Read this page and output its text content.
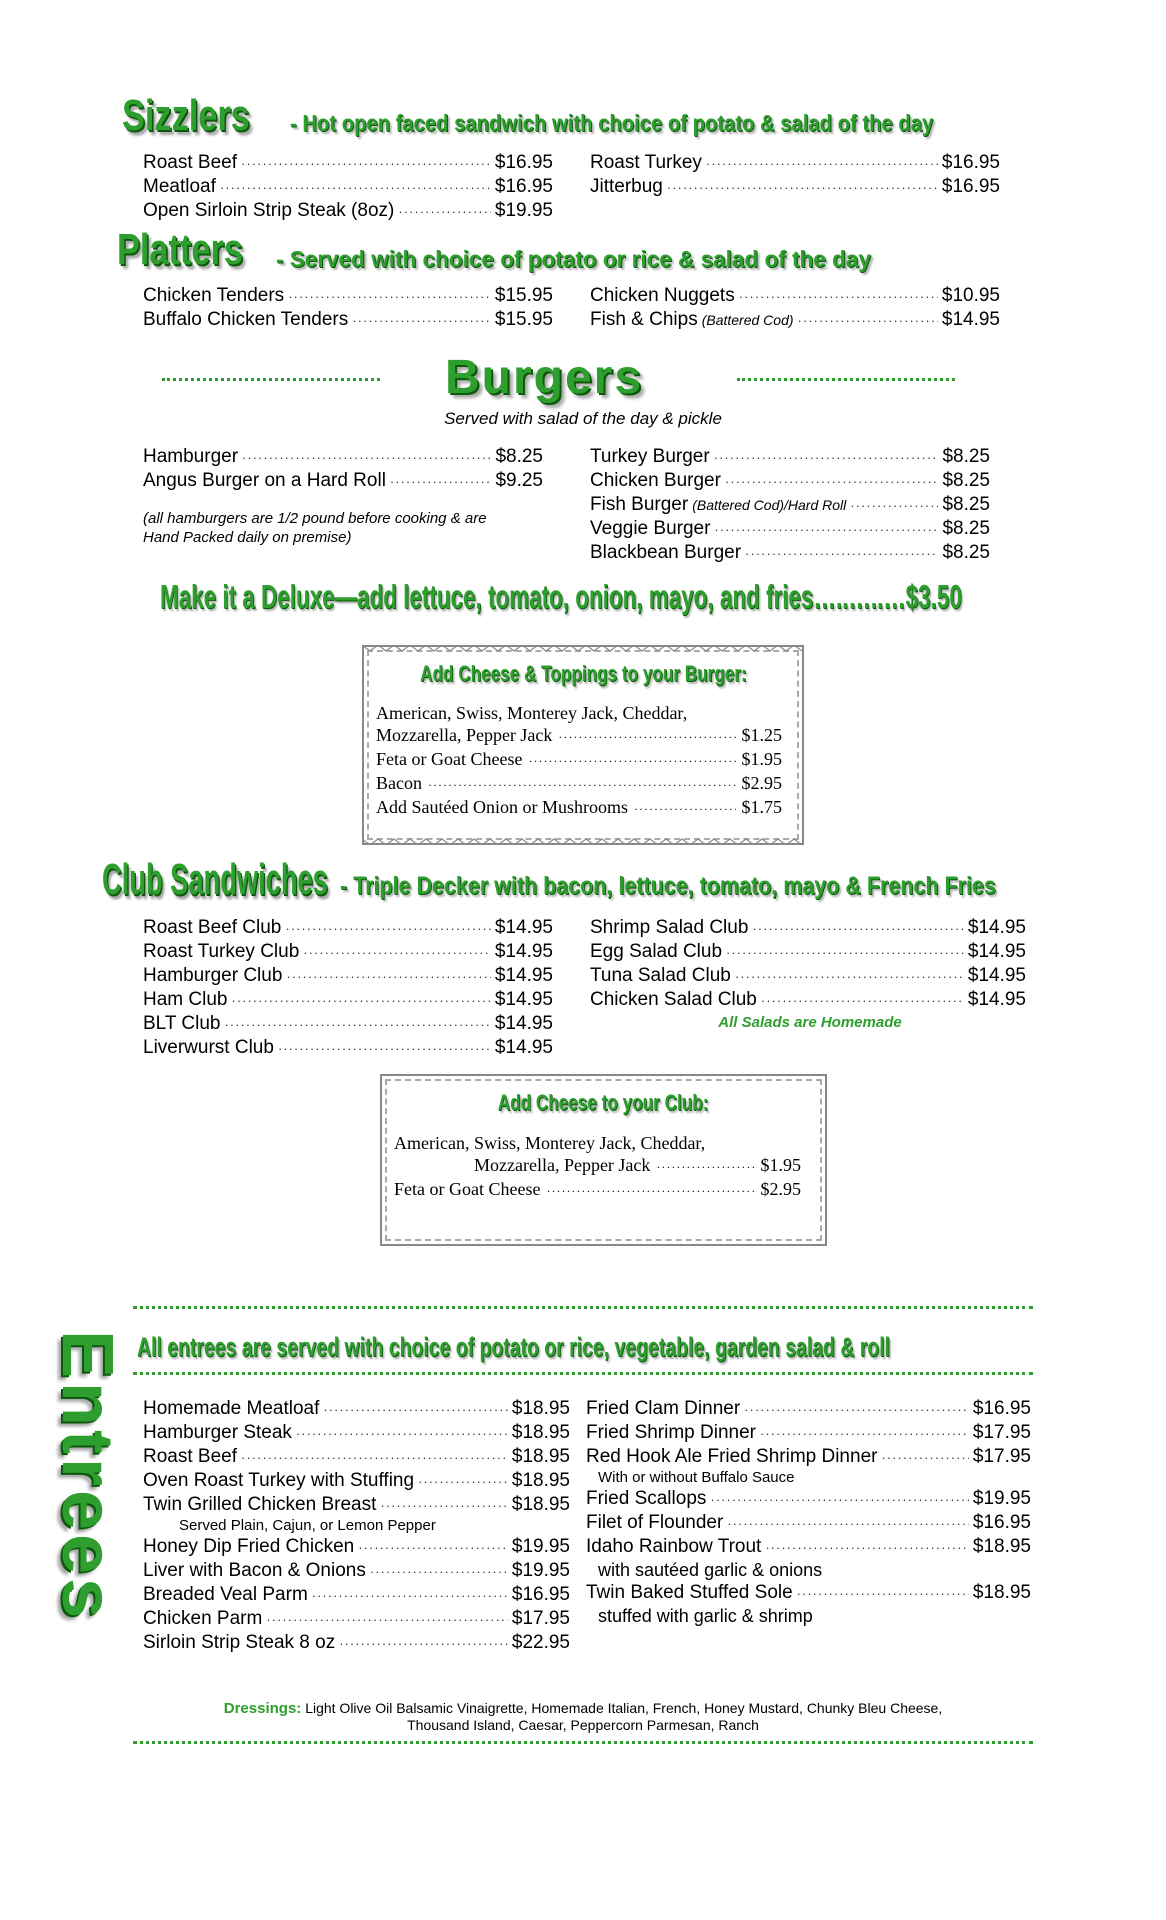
Sizzlers	- Hot open faced sandwich with choice of potato & salad of the day
Roast Beef ·····	$16.95
Meatloaf ·····	$16.95
Open Sirloin Strip Steak (8oz) ·····	$19.95
Roast Turkey ·····	$16.95
Jitterbug ·····	$16.95
Platters	- Served with choice of potato or rice & salad of the day
Chicken Tenders ·····	$15.95
Buffalo Chicken Tenders ·····	$15.95
Chicken Nuggets ·····	$10.95
Fish & Chips (Battered Cod) ·····	$14.95
Burgers
Served with salad of the day & pickle
Hamburger ·····	$8.25
Angus Burger on a Hard Roll ·····	$9.25
(all hamburgers are 1/2 pound before cooking & are
Hand Packed daily on premise)
Turkey Burger ·····	$8.25
Chicken Burger ·····	$8.25
Fish Burger (Battered Cod)/Hard Roll ·····	$8.25
Veggie Burger ·····	$8.25
Blackbean Burger ·····	$8.25
Make it a Deluxe—add lettuce, tomato, onion, mayo, and fries…..…..…$3.50
Add Cheese & Toppings to your Burger:
American, Swiss, Monterey Jack, Cheddar,
Mozzarella, Pepper Jack ·····	$1.25
Feta or Goat Cheese ·····	$1.95
Bacon ·····	$2.95
Add Sautéed Onion or Mushrooms ·····	$1.75
Club Sandwiches - Triple Decker with bacon, lettuce, tomato, mayo & French Fries
Roast Beef Club ·····	$14.95
Roast Turkey Club ·····	$14.95
Hamburger Club ·····	$14.95
Ham Club ·····	$14.95
BLT Club ·····	$14.95
Liverwurst Club ·····	$14.95
Shrimp Salad Club ·····	$14.95
Egg Salad Club ·····	$14.95
Tuna Salad Club ·····	$14.95
Chicken Salad Club ·····	$14.95
All Salads are Homemade
Add Cheese to your Club:
American, Swiss, Monterey Jack, Cheddar,
Mozzarella, Pepper Jack ·····	$1.95
Feta or Goat Cheese ·····	$2.95
Entrees All entrees are served with choice of potato or rice, vegetable, garden salad & roll
Homemade Meatloaf ·····	$18.95
Hamburger Steak ·····	$18.95
Roast Beef ·····	$18.95
Oven Roast Turkey with Stuffing ·····	$18.95
Twin Grilled Chicken Breast ·····	$18.95
Served Plain, Cajun, or Lemon Pepper
Honey Dip Fried Chicken ·····	$19.95
Liver with Bacon & Onions ·····	$19.95
Breaded Veal Parm ·····	$16.95
Chicken Parm ·····	$17.95
Sirloin Strip Steak 8 oz ·····	$22.95
Fried Clam Dinner ·····	$16.95
Fried Shrimp Dinner ·····	$17.95
Red Hook Ale Fried Shrimp Dinner ·····	$17.95
With or without Buffalo Sauce
Fried Scallops ·····	$19.95
Filet of Flounder ·····	$16.95
Idaho Rainbow Trout ·····	$18.95
with sautéed garlic & onions
Twin Baked Stuffed Sole ·····	$18.95
stuffed with garlic & shrimp
Dressings: Light Olive Oil Balsamic Vinaigrette, Homemade Italian, French, Honey Mustard, Chunky Bleu Cheese,
Thousand Island, Caesar, Peppercorn Parmesan, Ranch
